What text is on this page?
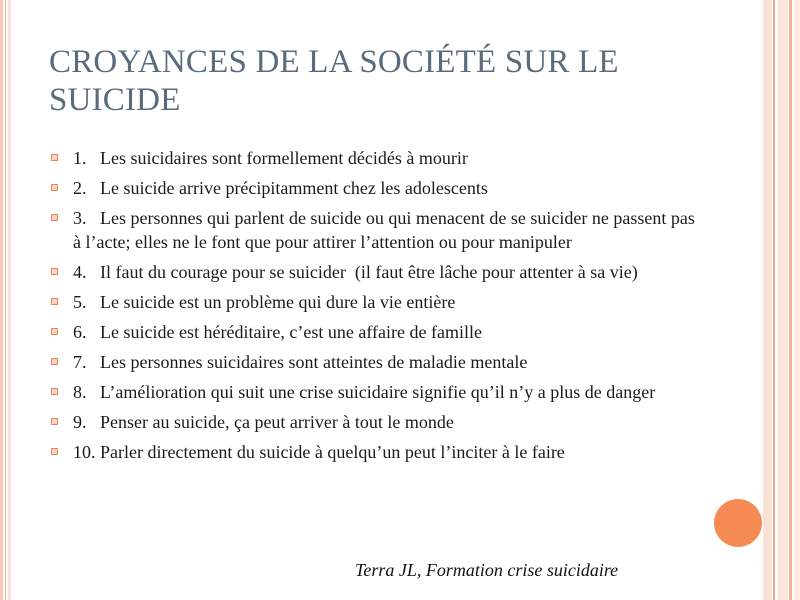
CROYANCES DE LA SOCIÉTÉ SUR LE SUICIDE
1.   Les suicidaires sont formellement décidés à mourir
2.   Le suicide arrive précipitamment chez les adolescents
3.   Les personnes qui parlent de suicide ou qui menacent de se suicider ne passent pas à l’acte; elles ne le font que pour attirer l’attention ou pour manipuler
4.   Il faut du courage pour se suicider  (il faut être lâche pour attenter à sa vie)
5.   Le suicide est un problème qui dure la vie entière
6.   Le suicide est héréditaire, c’est une affaire de famille
7.   Les personnes suicidaires sont atteintes de maladie mentale
8.   L’amélioration qui suit une crise suicidaire signifie qu’il n’y a plus de danger
9.   Penser au suicide, ça peut arriver à tout le monde
10. Parler directement du suicide à quelqu’un peut l’inciter à le faire
Terra JL, Formation crise suicidaire
